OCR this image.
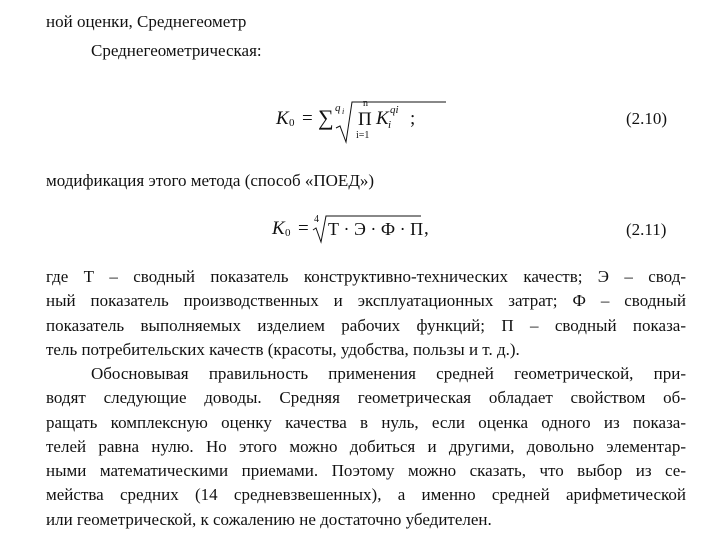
ной оценки, Среднегеометр
Среднегеометрическая:
K 0 = ∑ q i
n
Π
i=1
K i
qi ;	(2.10)
модификация этого метода (способ «ПОЕД»)
K 0 = 4 Т · Э · Ф · П ,	(2.11)
где Т – сводный показатель конструктивно-технических качеств; Э – свод-
ный показатель производственных и эксплуатационных затрат; Ф – сводный
показатель выполняемых изделием рабочих функций; П – сводный показа-
тель потребительских качеств (красоты, удобства, пользы и т. д.).
Обосновывая правильность применения средней геометрической, при-
водят следующие доводы. Средняя геометрическая обладает свойством об-
ращать комплексную оценку качества в нуль, если оценка одного из показа-
телей равна нулю. Но этого можно добиться и другими, довольно элементар-
ными математическими приемами. Поэтому можно сказать, что выбор из се-
мейства средних (14 средневзвешенных), а именно средней арифметической
или геометрической, к сожалению не достаточно убедителен.
